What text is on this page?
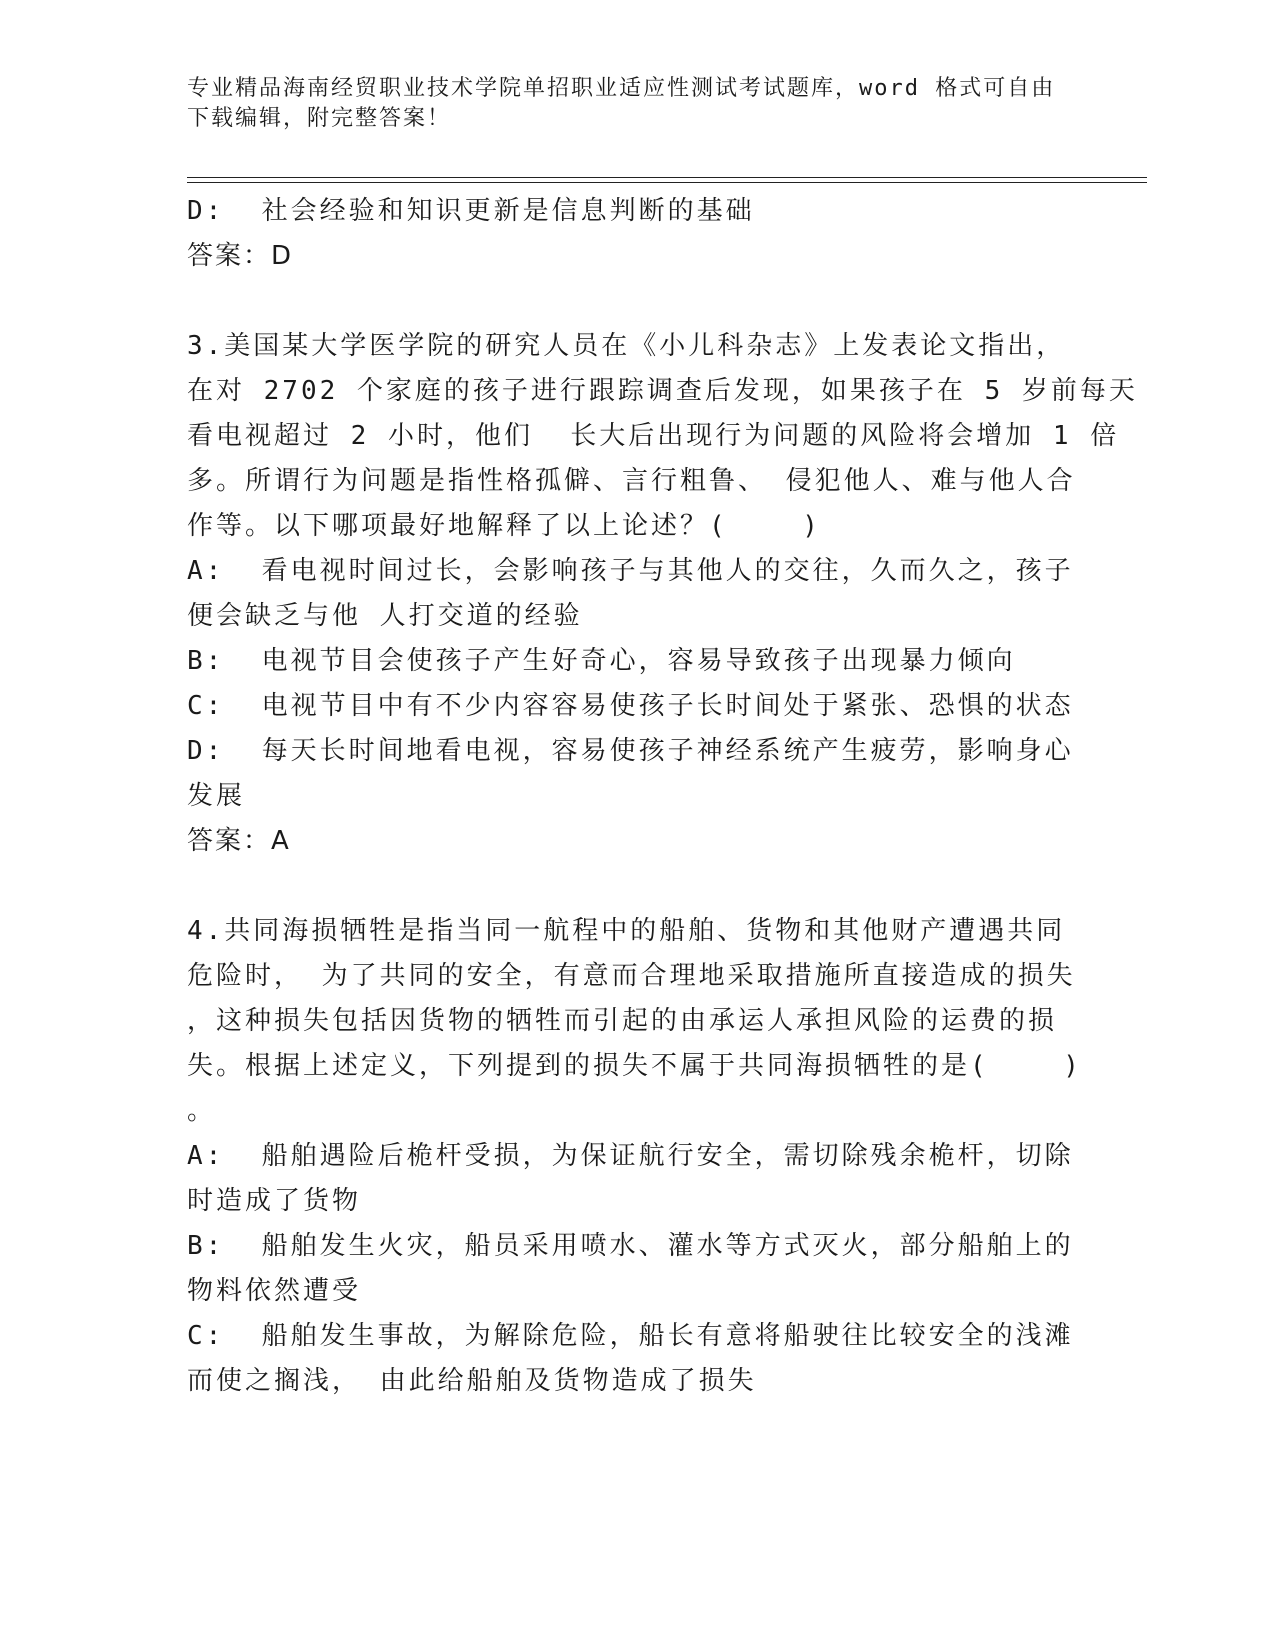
专业精品海南经贸职业技术学院单招职业适应性测试考试题库，word 格式可自由
下载编辑，附完整答案！
D:  社会经验和知识更新是信息判断的基础
答案：D
3.美国某大学医学院的研究人员在《小儿科杂志》上发表论文指出，
在对 2702 个家庭的孩子进行跟踪调查后发现，如果孩子在 5 岁前每天
看电视超过 2 小时，他们  长大后出现行为问题的风险将会增加 1 倍
多。所谓行为问题是指性格孤僻、言行粗鲁、 侵犯他人、难与他人合
作等。以下哪项最好地解释了以上论述？(    )
A:  看电视时间过长，会影响孩子与其他人的交往，久而久之，孩子
便会缺乏与他 人打交道的经验
B:  电视节目会使孩子产生好奇心，容易导致孩子出现暴力倾向
C:  电视节目中有不少内容容易使孩子长时间处于紧张、恐惧的状态
D:  每天长时间地看电视，容易使孩子神经系统产生疲劳，影响身心
发展
答案：A
4.共同海损牺牲是指当同一航程中的船舶、货物和其他财产遭遇共同
危险时， 为了共同的安全，有意而合理地采取措施所直接造成的损失
，这种损失包括因货物的牺牲而引起的由承运人承担风险的运费的损
失。根据上述定义，下列提到的损失不属于共同海损牺牲的是(    )
。
A:  船舶遇险后桅杆受损，为保证航行安全，需切除残余桅杆，切除
时造成了货物
B:  船舶发生火灾，船员采用喷水、灌水等方式灭火，部分船舶上的
物料依然遭受
C:  船舶发生事故，为解除危险，船长有意将船驶往比较安全的浅滩
而使之搁浅， 由此给船舶及货物造成了损失
